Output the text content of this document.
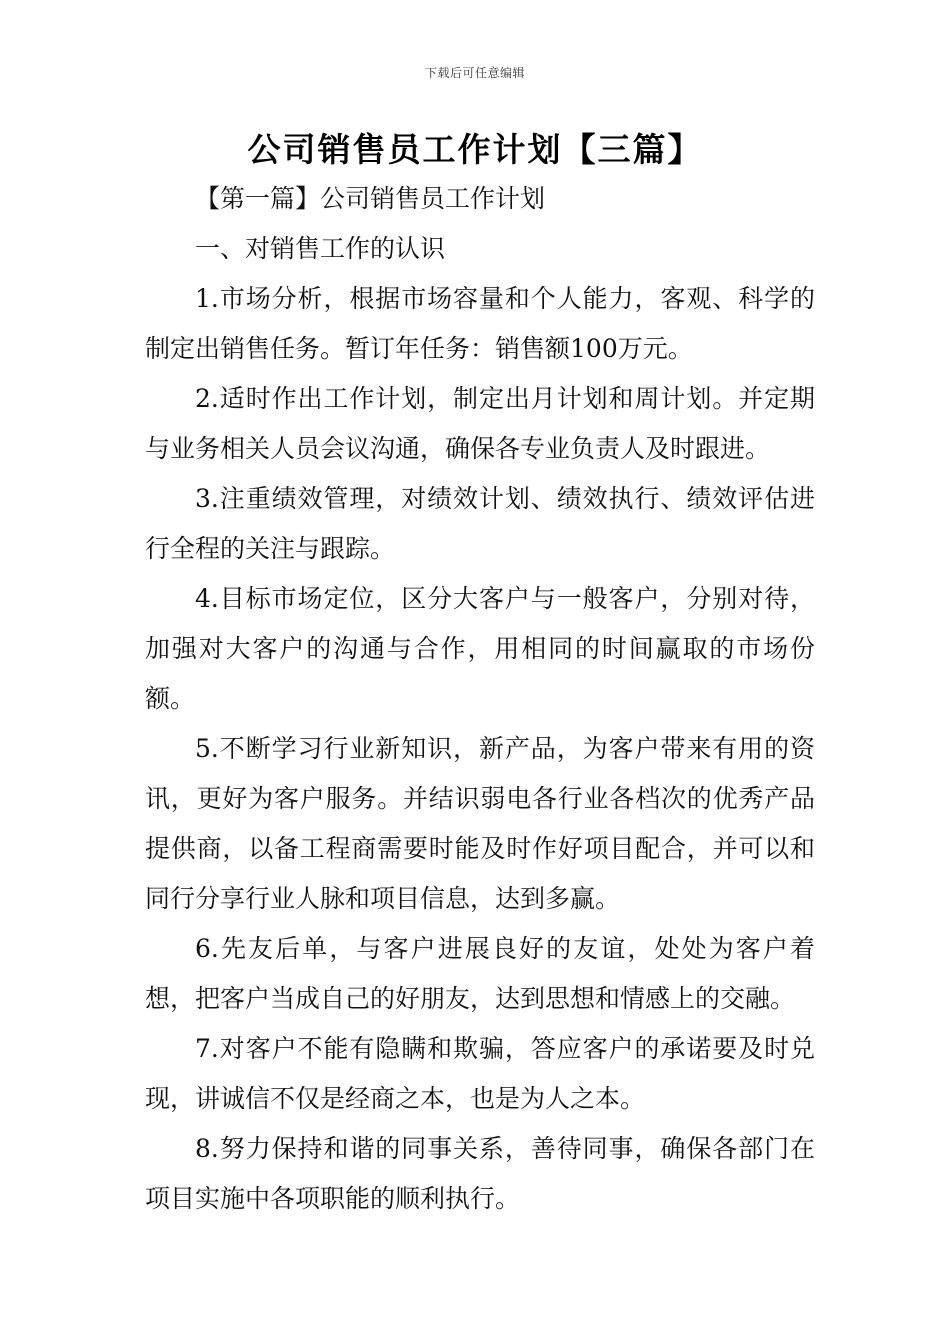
下载后可任意编辑
公司销售员工作计划【三篇】

【第一篇】公司销售员工作计划

一、对销售工作的认识

1.市场分析，根据市场容量和个人能力，客观、科学的制定出销售任务。暂订年任务：销售额100万元。

2.适时作出工作计划，制定出月计划和周计划。并定期与业务相关人员会议沟通，确保各专业负责人及时跟进。

3.注重绩效管理，对绩效计划、绩效执行、绩效评估进行全程的关注与跟踪。

4.目标市场定位，区分大客户与一般客户，分别对待，加强对大客户的沟通与合作，用相同的时间赢取的市场份额。

5.不断学习行业新知识，新产品，为客户带来有用的资讯，更好为客户服务。并结识弱电各行业各档次的优秀产品提供商，以备工程商需要时能及时作好项目配合，并可以和同行分享行业人脉和项目信息，达到多赢。

6.先友后单，与客户进展良好的友谊，处处为客户着想，把客户当成自己的好朋友，达到思想和情感上的交融。

7.对客户不能有隐瞒和欺骗，答应客户的承诺要及时兑现，讲诚信不仅是经商之本，也是为人之本。

8.努力保持和谐的同事关系，善待同事，确保各部门在项目实施中各项职能的顺利执行。
